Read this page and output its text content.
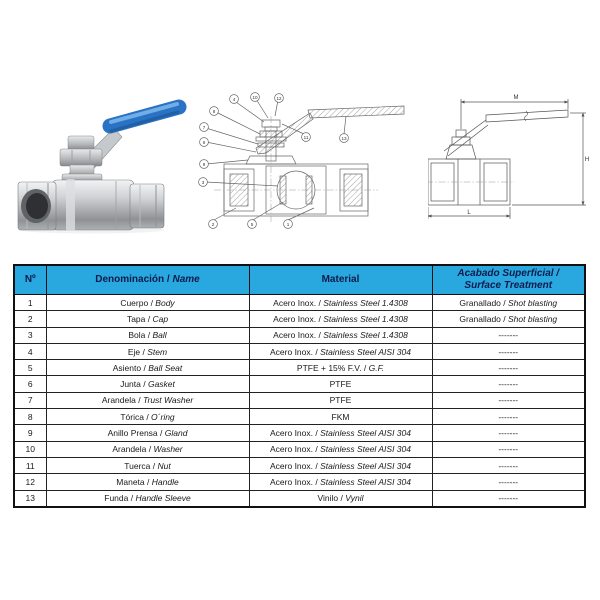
1
2
3
4
5
6
7
8
9
10
11
12
13
M
H
L
Nº	Denominación / Name	Material	Acabado Superficial /
Surface Treatment

1	Cuerpo / Body	Acero Inox. / Stainless Steel 1.4308	Granallado / Shot blasting
2	Tapa / Cap	Acero Inox. / Stainless Steel 1.4308	Granallado / Shot blasting
3	Bola / Ball	Acero Inox. / Stainless Steel 1.4308	-------
4	Eje / Stem	Acero Inox. / Stainless Steel AISI 304	-------
5	Asiento / Ball Seat	PTFE + 15% F.V. / G.F.	-------
6	Junta / Gasket	PTFE	-------
7	Arandela / Trust Washer	PTFE	-------
8	Tórica / O´ring	FKM	-------
9	Anillo Prensa / Gland	Acero Inox. / Stainless Steel AISI 304	-------
10	Arandela / Washer	Acero Inox. / Stainless Steel AISI 304	-------
11	Tuerca / Nut	Acero Inox. / Stainless Steel AISI 304	-------
12	Maneta / Handle	Acero Inox. / Stainless Steel AISI 304	-------
13	Funda / Handle Sleeve	Vinilo / Vynil	-------
